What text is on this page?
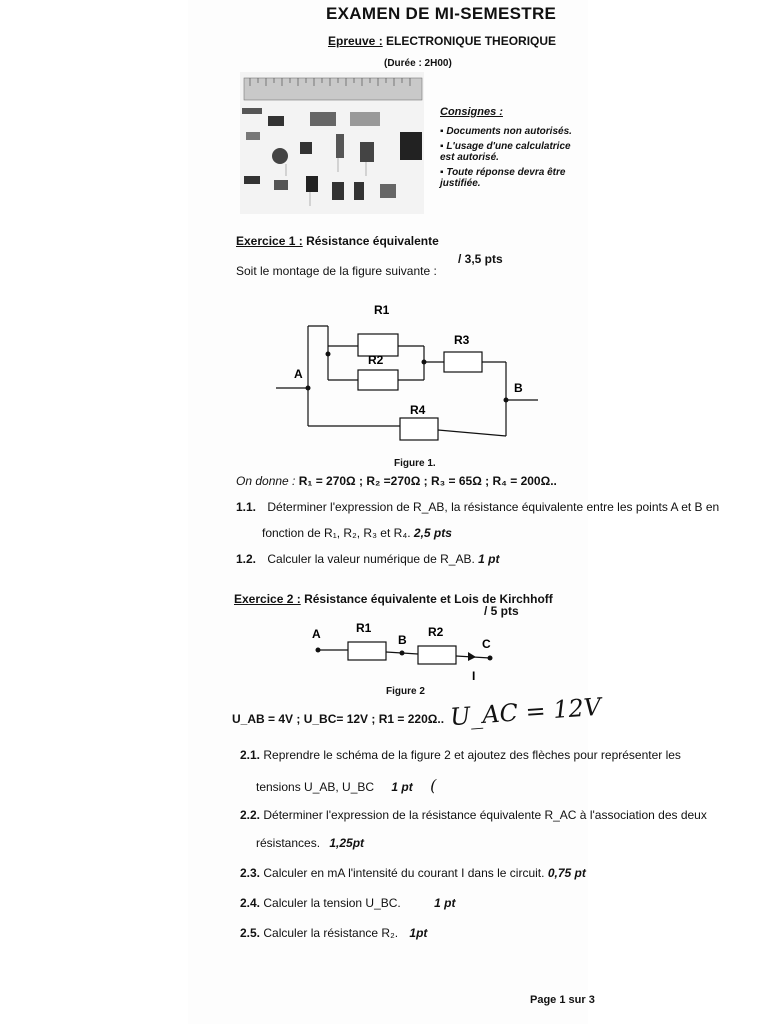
EXAMEN DE MI-SEMESTRE
Epreuve : ELECTRONIQUE THEORIQUE
(Durée : 2H00)
Consignes :
▪ Documents non autorisés.
▪ L'usage d'une calculatrice est autorisé.
▪ Toute réponse devra être justifiée.
Exercice 1 : Résistance équivalente
/ 3,5 pts
Soit le montage de la figure suivante :
R1
R2
R3
R4
A
B
Figure 1.
On donne : R₁ = 270Ω ; R₂ =270Ω ; R₃ = 65Ω ; R₄ = 200Ω..
1.1. Déterminer l'expression de R_AB, la résistance équivalente entre les points A et B en
fonction de R₁, R₂, R₃ et R₄. 2,5 pts
1.2. Calculer la valeur numérique de R_AB. 1 pt
Exercice 2 : Résistance équivalente et Lois de Kirchhoff
/ 5 pts
A	R1
B
R2
C
I
Figure 2
U_AB = 4V ; U_BC= 12V ; R1 = 220Ω.. U_AC = 12V
2.1. Reprendre le schéma de la figure 2 et ajoutez des flèches pour représenter les
tensions U_AB, U_BC 1 pt (
2.2. Déterminer l'expression de la résistance équivalente R_AC à l'association des deux
résistances. 1,25pt
2.3. Calculer en mA l'intensité du courant I dans le circuit. 0,75 pt
2.4. Calculer la tension U_BC.	1 pt
2.5. Calculer la résistance R₂. 1pt
Page 1 sur 3
